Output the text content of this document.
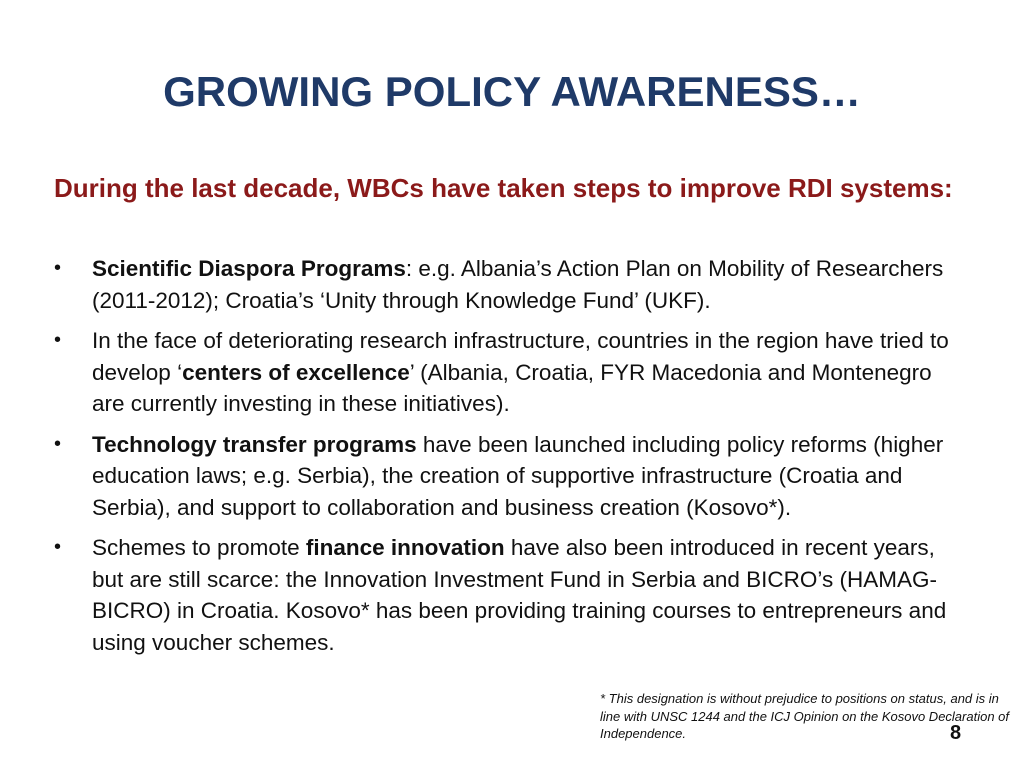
GROWING POLICY AWARENESS…

During the last decade, WBCs have taken steps to improve RDI systems:

• Scientific Diaspora Programs: e.g. Albania’s Action Plan on Mobility of Researchers (2011-2012); Croatia’s ‘Unity through Knowledge Fund’ (UKF).
• In the face of deteriorating research infrastructure, countries in the region have tried to develop ‘centers of excellence’ (Albania, Croatia, FYR Macedonia and Montenegro are currently investing in these initiatives).
• Technology transfer programs have been launched including policy reforms (higher education laws; e.g. Serbia), the creation of supportive infrastructure (Croatia and Serbia), and support to collaboration and business creation (Kosovo*).
• Schemes to promote finance innovation have also been introduced in recent years, but are still scarce: the Innovation Investment Fund in Serbia and BICRO’s (HAMAG- BICRO) in Croatia. Kosovo* has been providing training courses to entrepreneurs and using voucher schemes.
* This designation is without prejudice to positions on status, and is in line with UNSC 1244 and the ICJ Opinion on the Kosovo Declaration of Independence.	8
